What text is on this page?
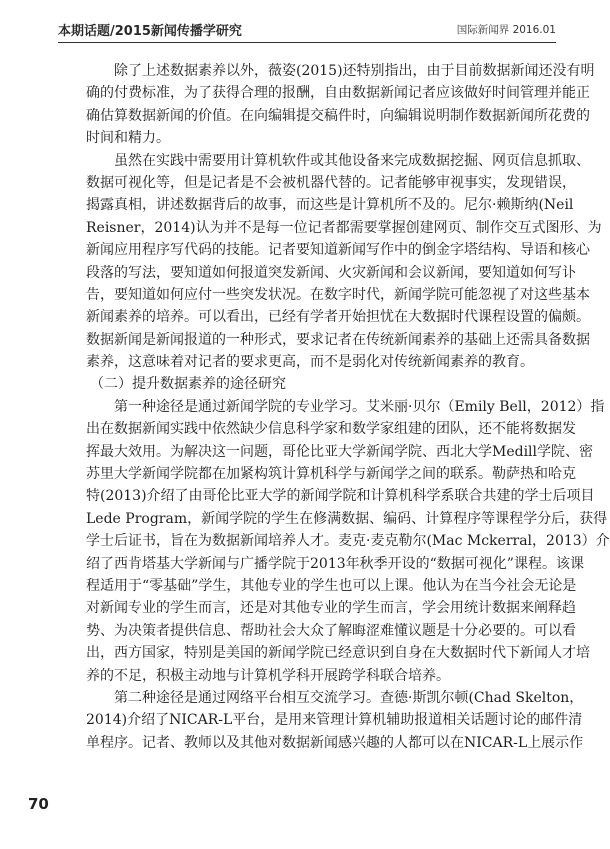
本期话题/2015新闻传播学研究	国际新闻界 2016.01
除了上述数据素养以外，薇姿(2015)还特别指出，由于目前数据新闻还没有明
确的付费标准，为了获得合理的报酬，自由数据新闻记者应该做好时间管理并能正
确估算数据新闻的价值。在向编辑提交稿件时，向编辑说明制作数据新闻所花费的
时间和精力。
虽然在实践中需要用计算机软件或其他设备来完成数据挖掘、网页信息抓取、
数据可视化等，但是记者是不会被机器代替的。记者能够审视事实，发现错误，
揭露真相，讲述数据背后的故事，而这些是计算机所不及的。尼尔·赖斯纳(Neil
Reisner，2014)认为并不是每一位记者都需要掌握创建网页、制作交互式图形、为
新闻应用程序写代码的技能。记者要知道新闻写作中的倒金字塔结构、导语和核心
段落的写法，要知道如何报道突发新闻、火灾新闻和会议新闻，要知道如何写讣
告，要知道如何应付一些突发状况。在数字时代，新闻学院可能忽视了对这些基本
新闻素养的培养。可以看出，已经有学者开始担忧在大数据时代课程设置的偏颇。
数据新闻是新闻报道的一种形式，要求记者在传统新闻素养的基础上还需具备数据
素养，这意味着对记者的要求更高，而不是弱化对传统新闻素养的教育。
（二）提升数据素养的途径研究
第一种途径是通过新闻学院的专业学习。艾米丽·贝尔（Emily Bell，2012）指
出在数据新闻实践中依然缺少信息科学家和数学家组建的团队，还不能将数据发
挥最大效用。为解决这一问题，哥伦比亚大学新闻学院、西北大学Medill学院、密
苏里大学新闻学院都在加紧构筑计算机科学与新闻学之间的联系。勒萨热和哈克
特(2013)介绍了由哥伦比亚大学的新闻学院和计算机科学系联合共建的学士后项目
Lede Program，新闻学院的学生在修满数据、编码、计算程序等课程学分后，获得
学士后证书，旨在为数据新闻培养人才。麦克·麦克勒尔(Mac Mckerral，2013）介
绍了西肯塔基大学新闻与广播学院于2013年秋季开设的“数据可视化”课程。该课
程适用于“零基础”学生，其他专业的学生也可以上课。他认为在当今社会无论是
对新闻专业的学生而言，还是对其他专业的学生而言，学会用统计数据来阐释趋
势、为决策者提供信息、帮助社会大众了解晦涩难懂议题是十分必要的。可以看
出，西方国家，特别是美国的新闻学院已经意识到自身在大数据时代下新闻人才培
养的不足，积极主动地与计算机学科开展跨学科联合培养。
第二种途径是通过网络平台相互交流学习。查德·斯凯尔顿(Chad Skelton，
2014)介绍了NICAR-L平台，是用来管理计算机辅助报道相关话题讨论的邮件清
单程序。记者、教师以及其他对数据新闻感兴趣的人都可以在NICAR-L上展示作
70
